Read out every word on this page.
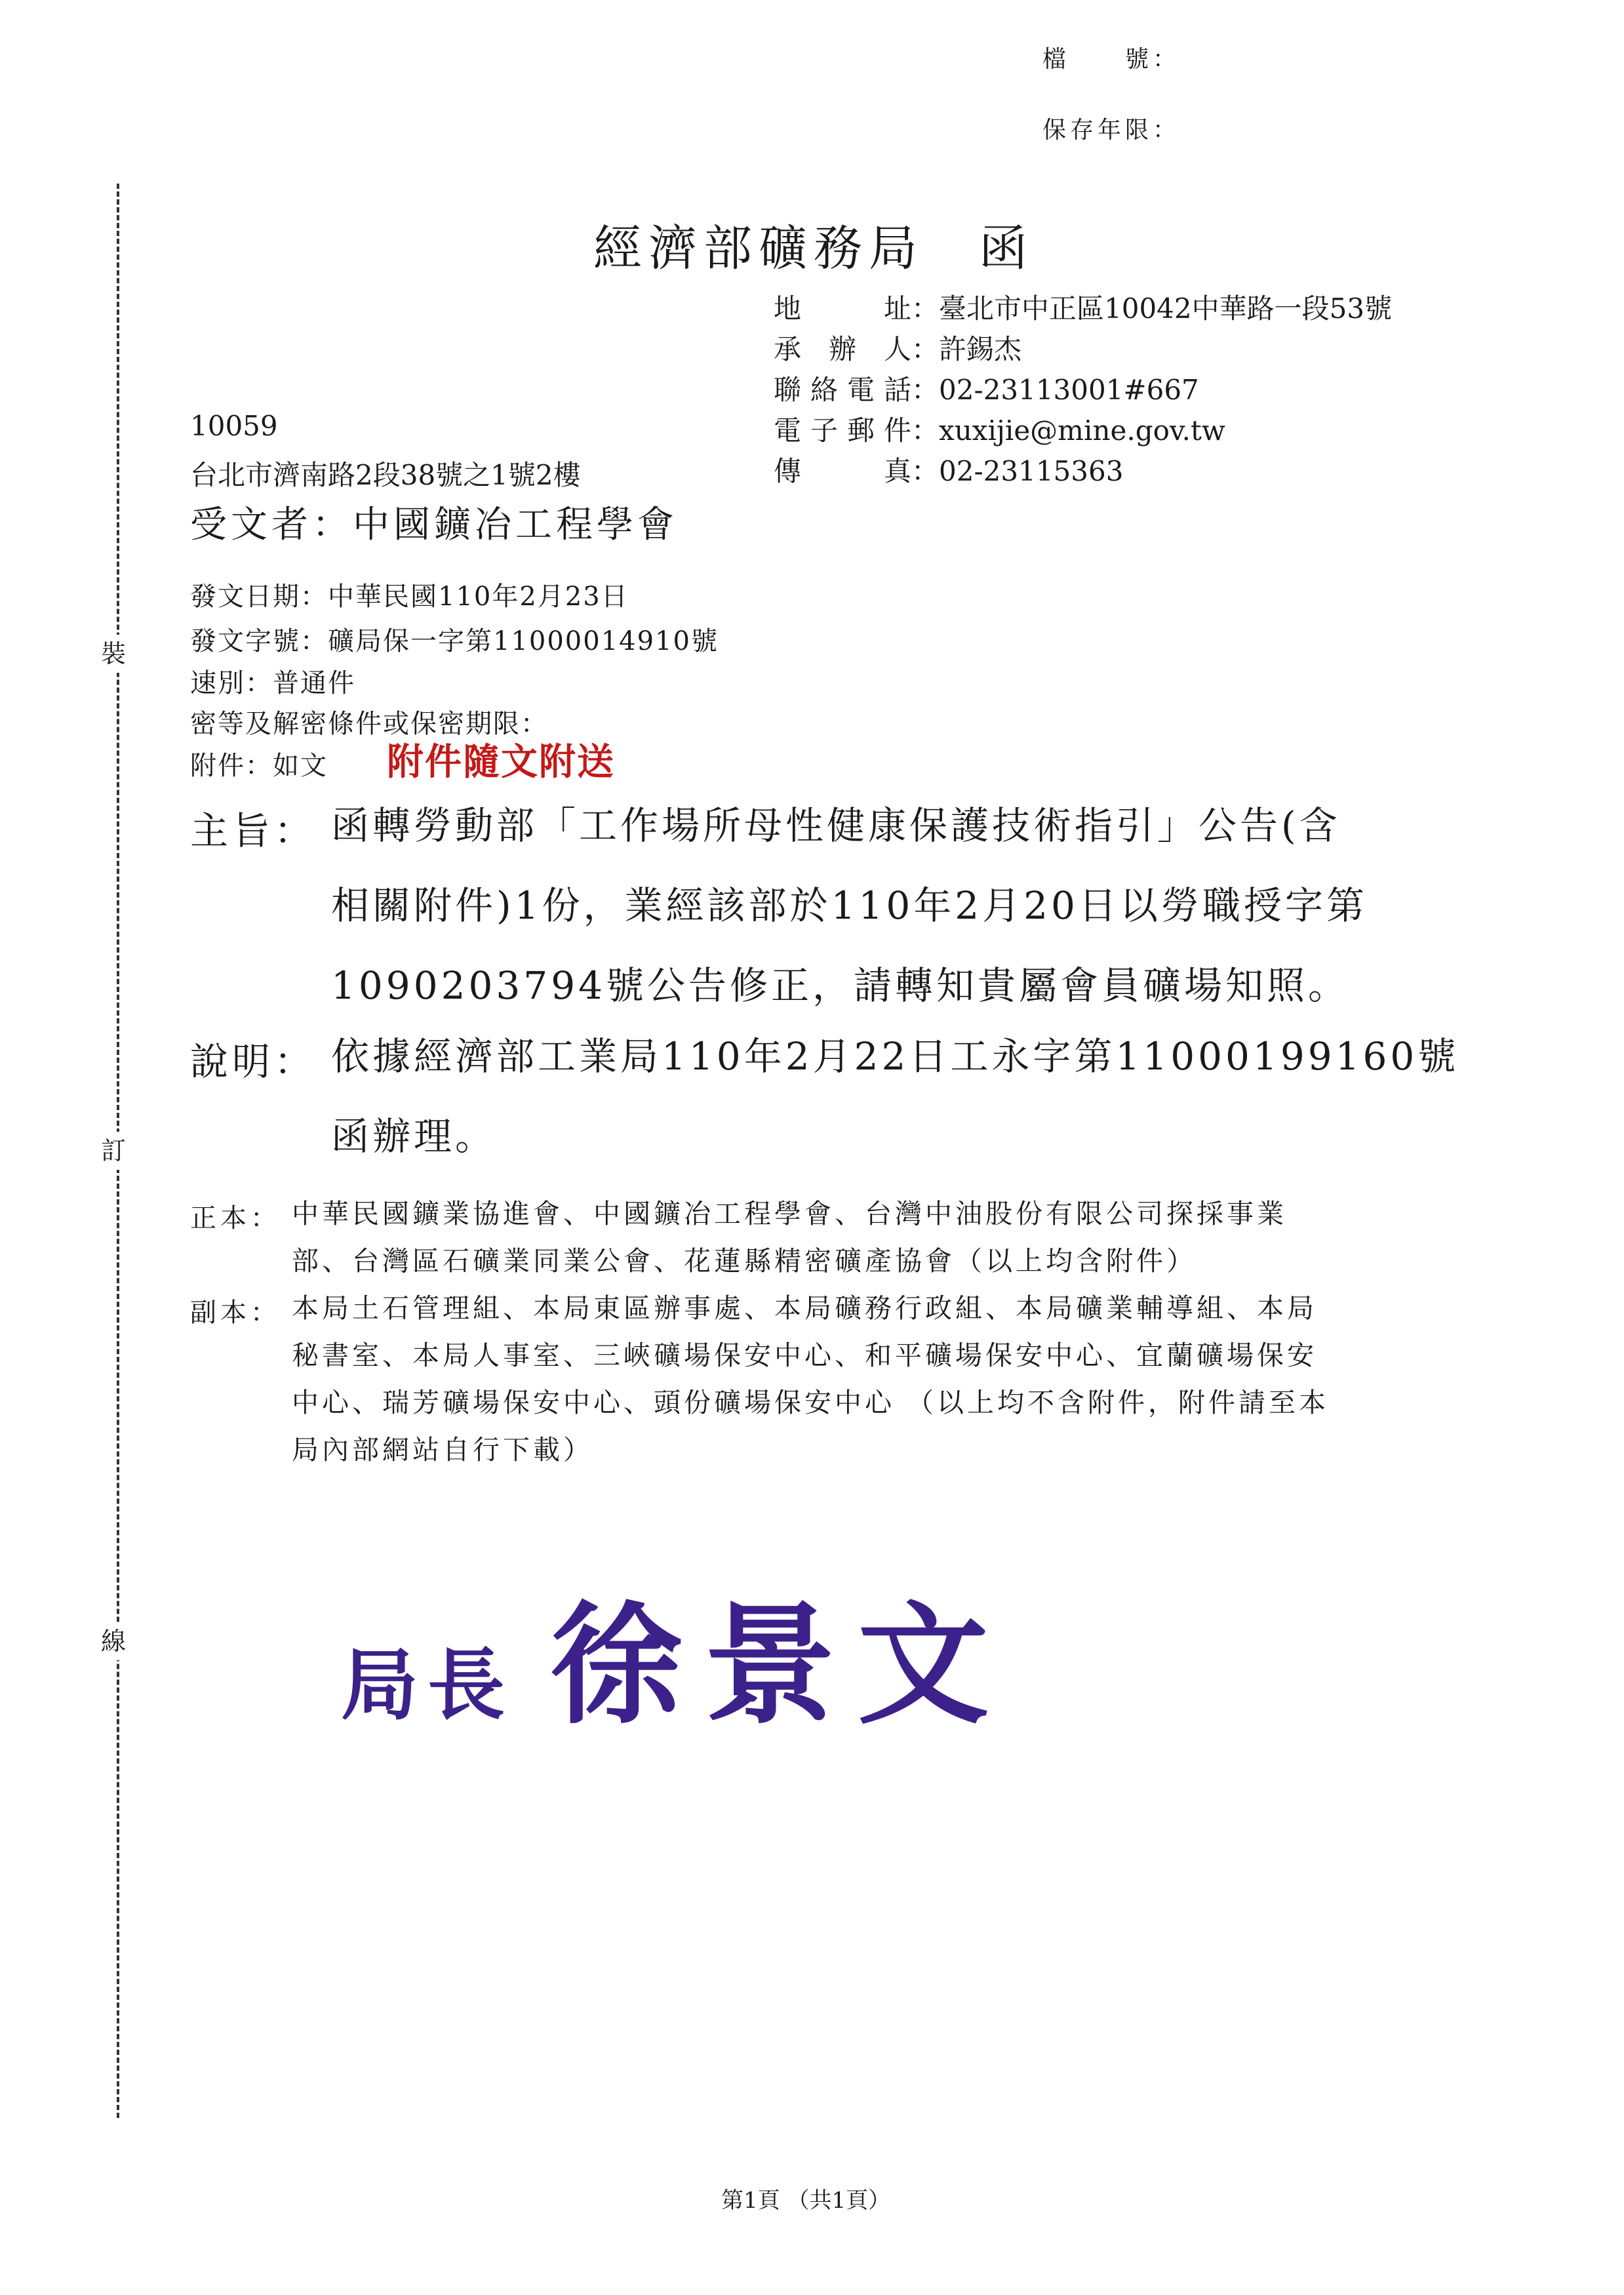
檔　　號：
保存年限：
裝
訂
線
經濟部礦務局　函
地　　址：臺北市中正區10042中華路一段53號
承 辦 人：許錫杰
聯絡電話：02-23113001#667
電子郵件：xuxijie@mine.gov.tw
傳　　真：02-23115363
10059
台北市濟南路2段38號之1號2樓
受文者：中國鑛冶工程學會
發文日期：中華民國110年2月23日
發文字號：礦局保一字第11000014910號
速別：普通件
密等及解密條件或保密期限：
附件：如文 附件隨文附送
主旨： 函轉勞動部「工作場所母性健康保護技術指引」公告(含
相關附件)1份，業經該部於110年2月20日以勞職授字第
1090203794號公告修正，請轉知貴屬會員礦場知照。
說明： 依據經濟部工業局110年2月22日工永字第11000199160號
函辦理。
正本： 中華民國鑛業協進會、中國鑛冶工程學會、台灣中油股份有限公司探採事業
部、台灣區石礦業同業公會、花蓮縣精密礦產協會（以上均含附件）
副本： 本局土石管理組、本局東區辦事處、本局礦務行政組、本局礦業輔導組、本局
秘書室、本局人事室、三峽礦場保安中心、和平礦場保安中心、宜蘭礦場保安
中心、瑞芳礦場保安中心、頭份礦場保安中心 （以上均不含附件，附件請至本
局內部網站自行下載）
局長 徐景文
第1頁 （共1頁）
